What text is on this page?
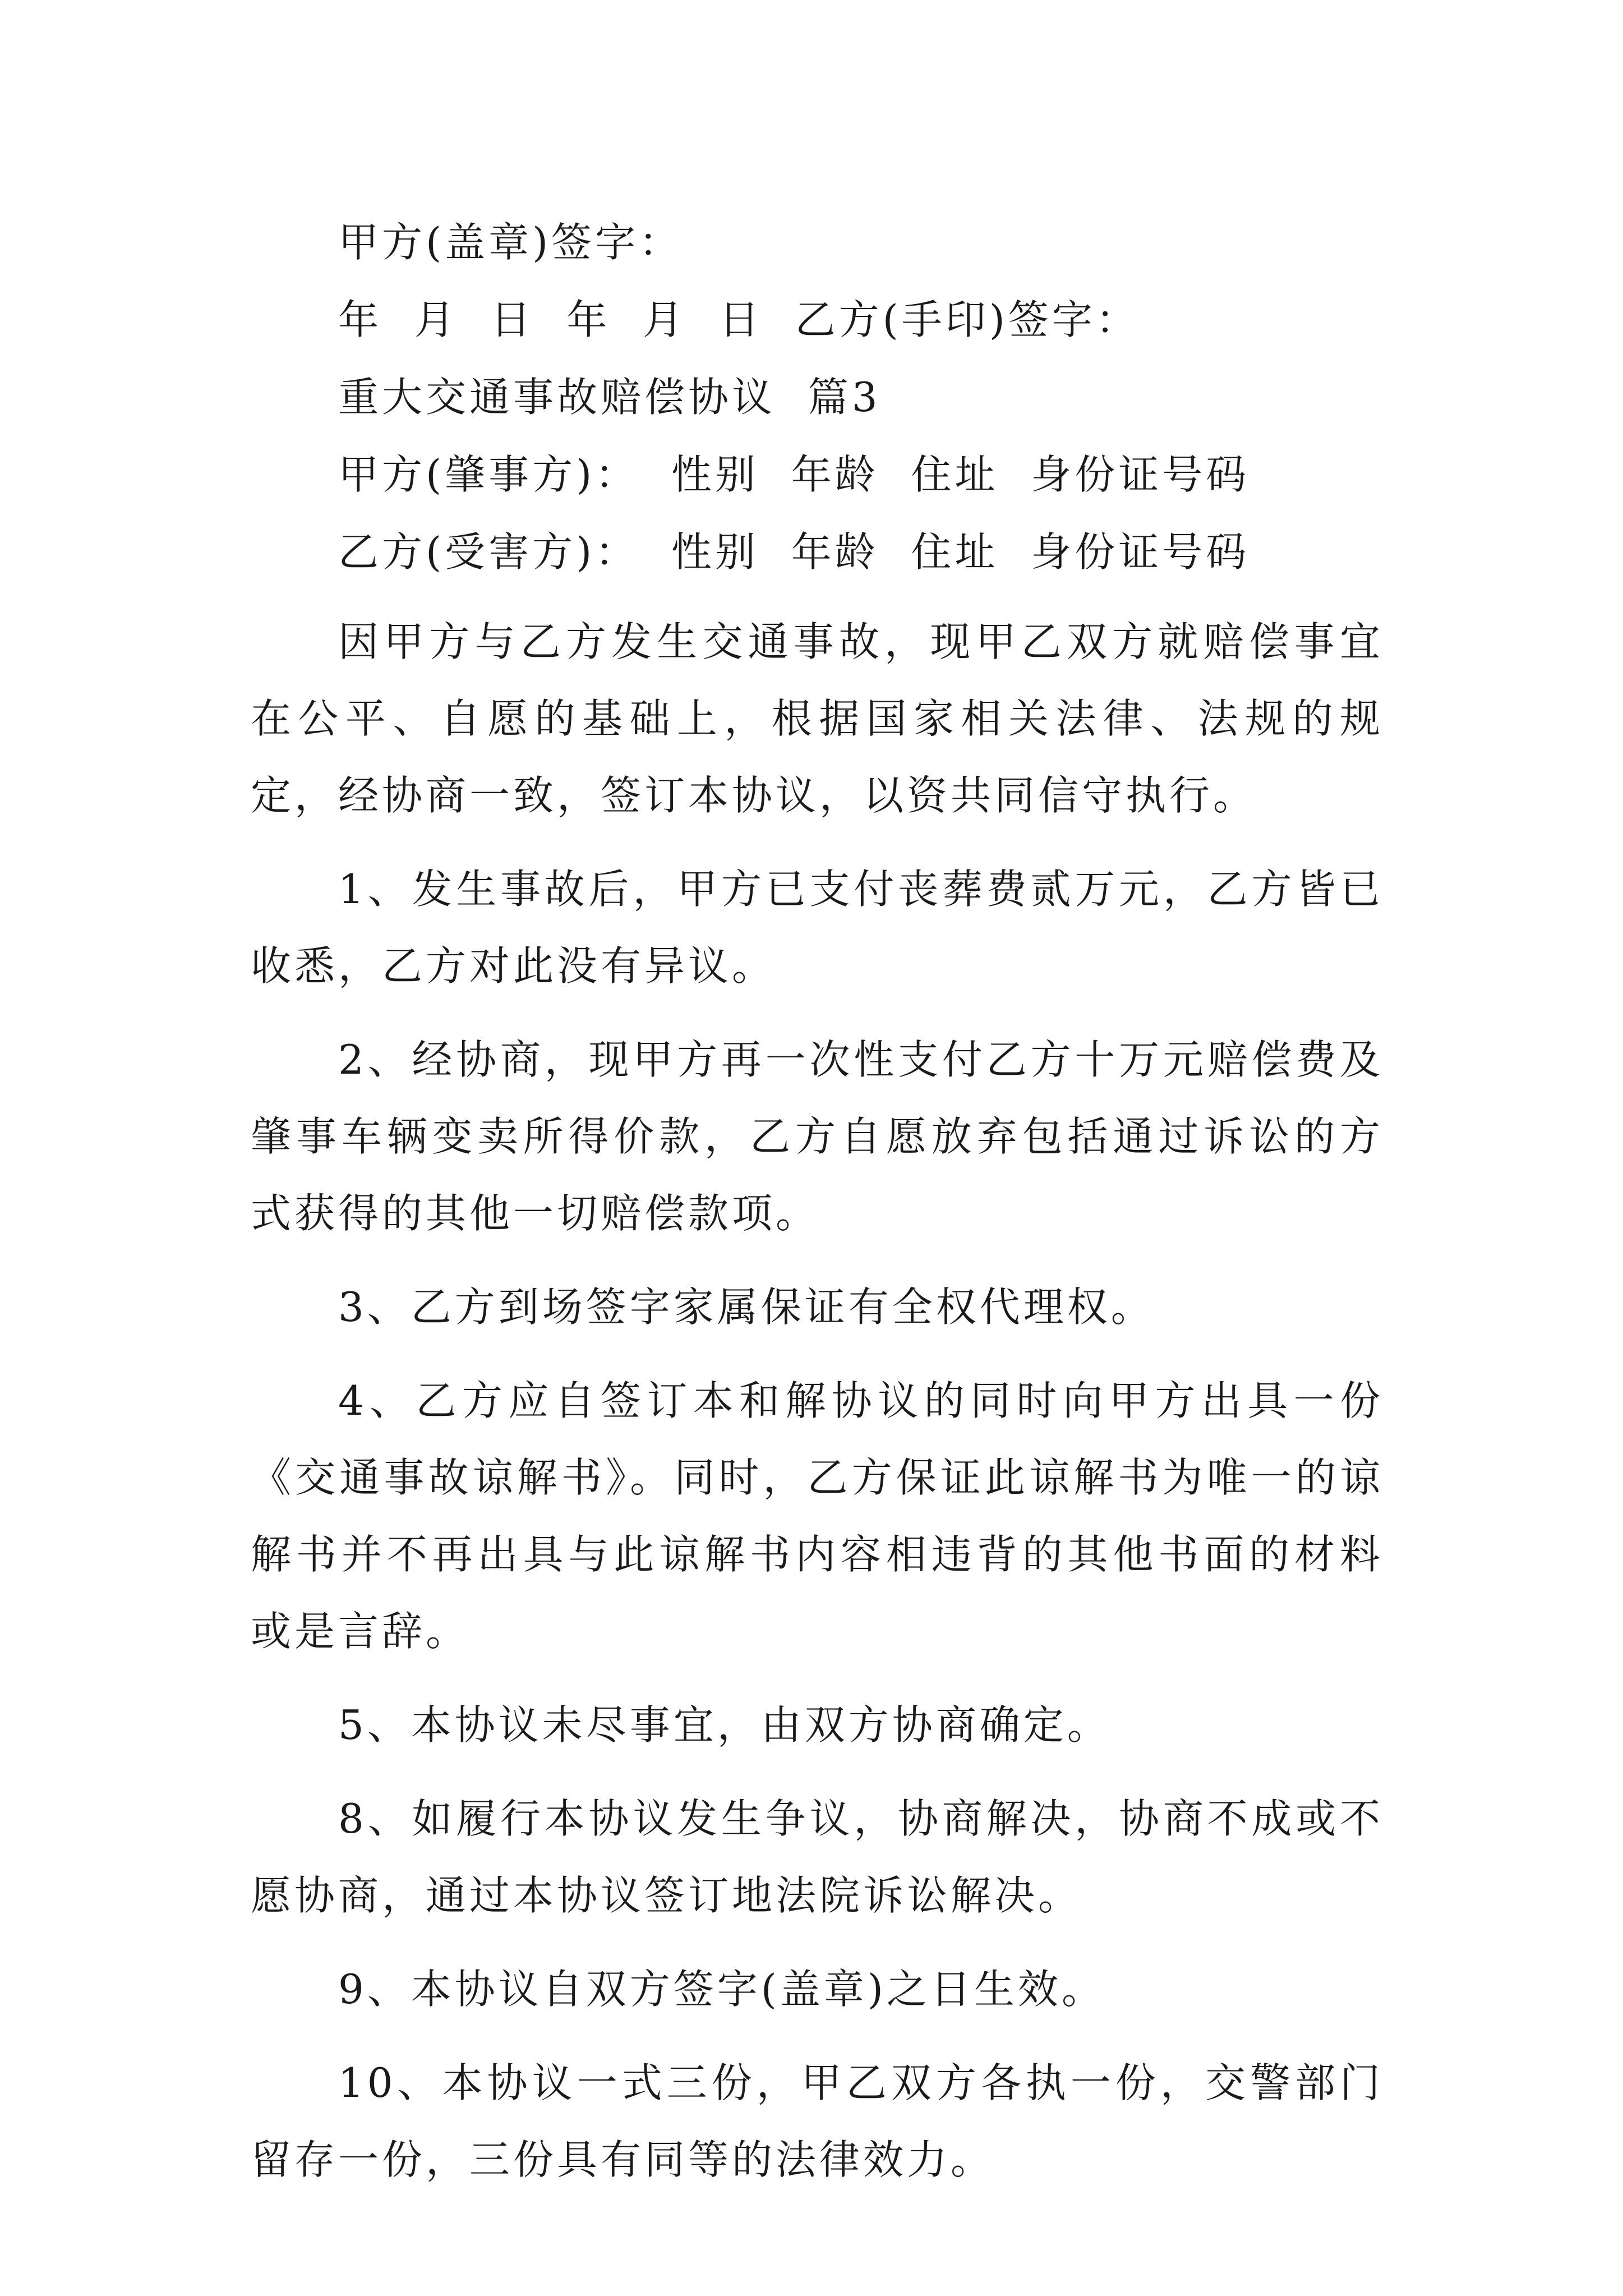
甲方(盖章)签字：

年  月  日  年  月  日  乙方(手印)签字：

重大交通事故赔偿协议  篇3

甲方(肇事方)：  性别  年龄  住址  身份证号码

乙方(受害方)：  性别  年龄  住址  身份证号码

因甲方与乙方发生交通事故，现甲乙双方就赔偿事宜在公平、自愿的基础上，根据国家相关法律、法规的规定，经协商一致，签订本协议，以资共同信守执行。

1、发生事故后，甲方已支付丧葬费贰万元，乙方皆已收悉，乙方对此没有异议。

2、经协商，现甲方再一次性支付乙方十万元赔偿费及肇事车辆变卖所得价款，乙方自愿放弃包括通过诉讼的方式获得的其他一切赔偿款项。

3、乙方到场签字家属保证有全权代理权。

4、乙方应自签订本和解协议的同时向甲方出具一份《交通事故谅解书》。同时，乙方保证此谅解书为唯一的谅解书并不再出具与此谅解书内容相违背的其他书面的材料或是言辞。

5、本协议未尽事宜，由双方协商确定。

8、如履行本协议发生争议，协商解决，协商不成或不愿协商，通过本协议签订地法院诉讼解决。

9、本协议自双方签字(盖章)之日生效。

10、本协议一式三份，甲乙双方各执一份，交警部门留存一份，三份具有同等的法律效力。
